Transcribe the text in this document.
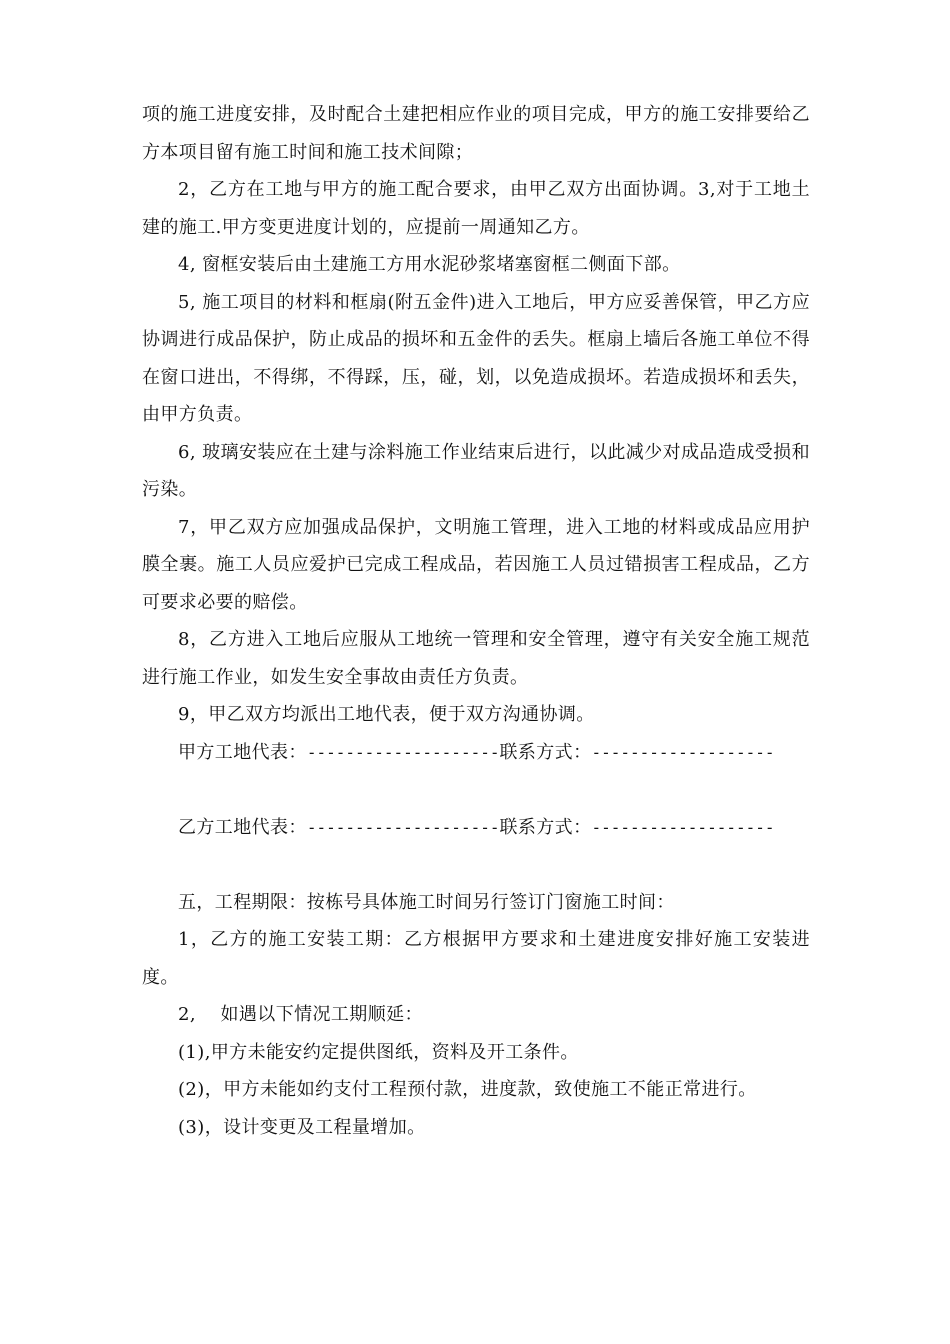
项的施工进度安排，及时配合土建把相应作业的项目完成，甲方的施工安排要给乙方本项目留有施工时间和施工技术间隙；

2，乙方在工地与甲方的施工配合要求，由甲乙双方出面协调。3,对于工地土建的施工.甲方变更进度计划的，应提前一周通知乙方。

4, 窗框安装后由土建施工方用水泥砂浆堵塞窗框二侧面下部。

5, 施工项目的材料和框扇(附五金件)进入工地后，甲方应妥善保管，甲乙方应协调进行成品保护，防止成品的损坏和五金件的丢失。框扇上墙后各施工单位不得在窗口进出，不得绑，不得踩，压，碰，划，以免造成损坏。若造成损坏和丢失，由甲方负责。

6, 玻璃安装应在土建与涂料施工作业结束后进行，以此减少对成品造成受损和污染。

7，甲乙双方应加强成品保护，文明施工管理，进入工地的材料或成品应用护膜全裹。施工人员应爱护已完成工程成品，若因施工人员过错损害工程成品，乙方可要求必要的赔偿。

8，乙方进入工地后应服从工地统一管理和安全管理，遵守有关安全施工规范进行施工作业，如发生安全事故由责任方负责。

9，甲乙双方均派出工地代表，便于双方沟通协调。

甲方工地代表：--------------------联系方式：-------------------

乙方工地代表：--------------------联系方式：-------------------

五，工程期限：按栋号具体施工时间另行签订门窗施工时间：

1，乙方的施工安装工期：乙方根据甲方要求和土建进度安排好施工安装进度。

2,　 如遇以下情况工期顺延：

(1),甲方未能安约定提供图纸，资料及开工条件。

(2)，甲方未能如约支付工程预付款，进度款，致使施工不能正常进行。

(3)，设计变更及工程量增加。
